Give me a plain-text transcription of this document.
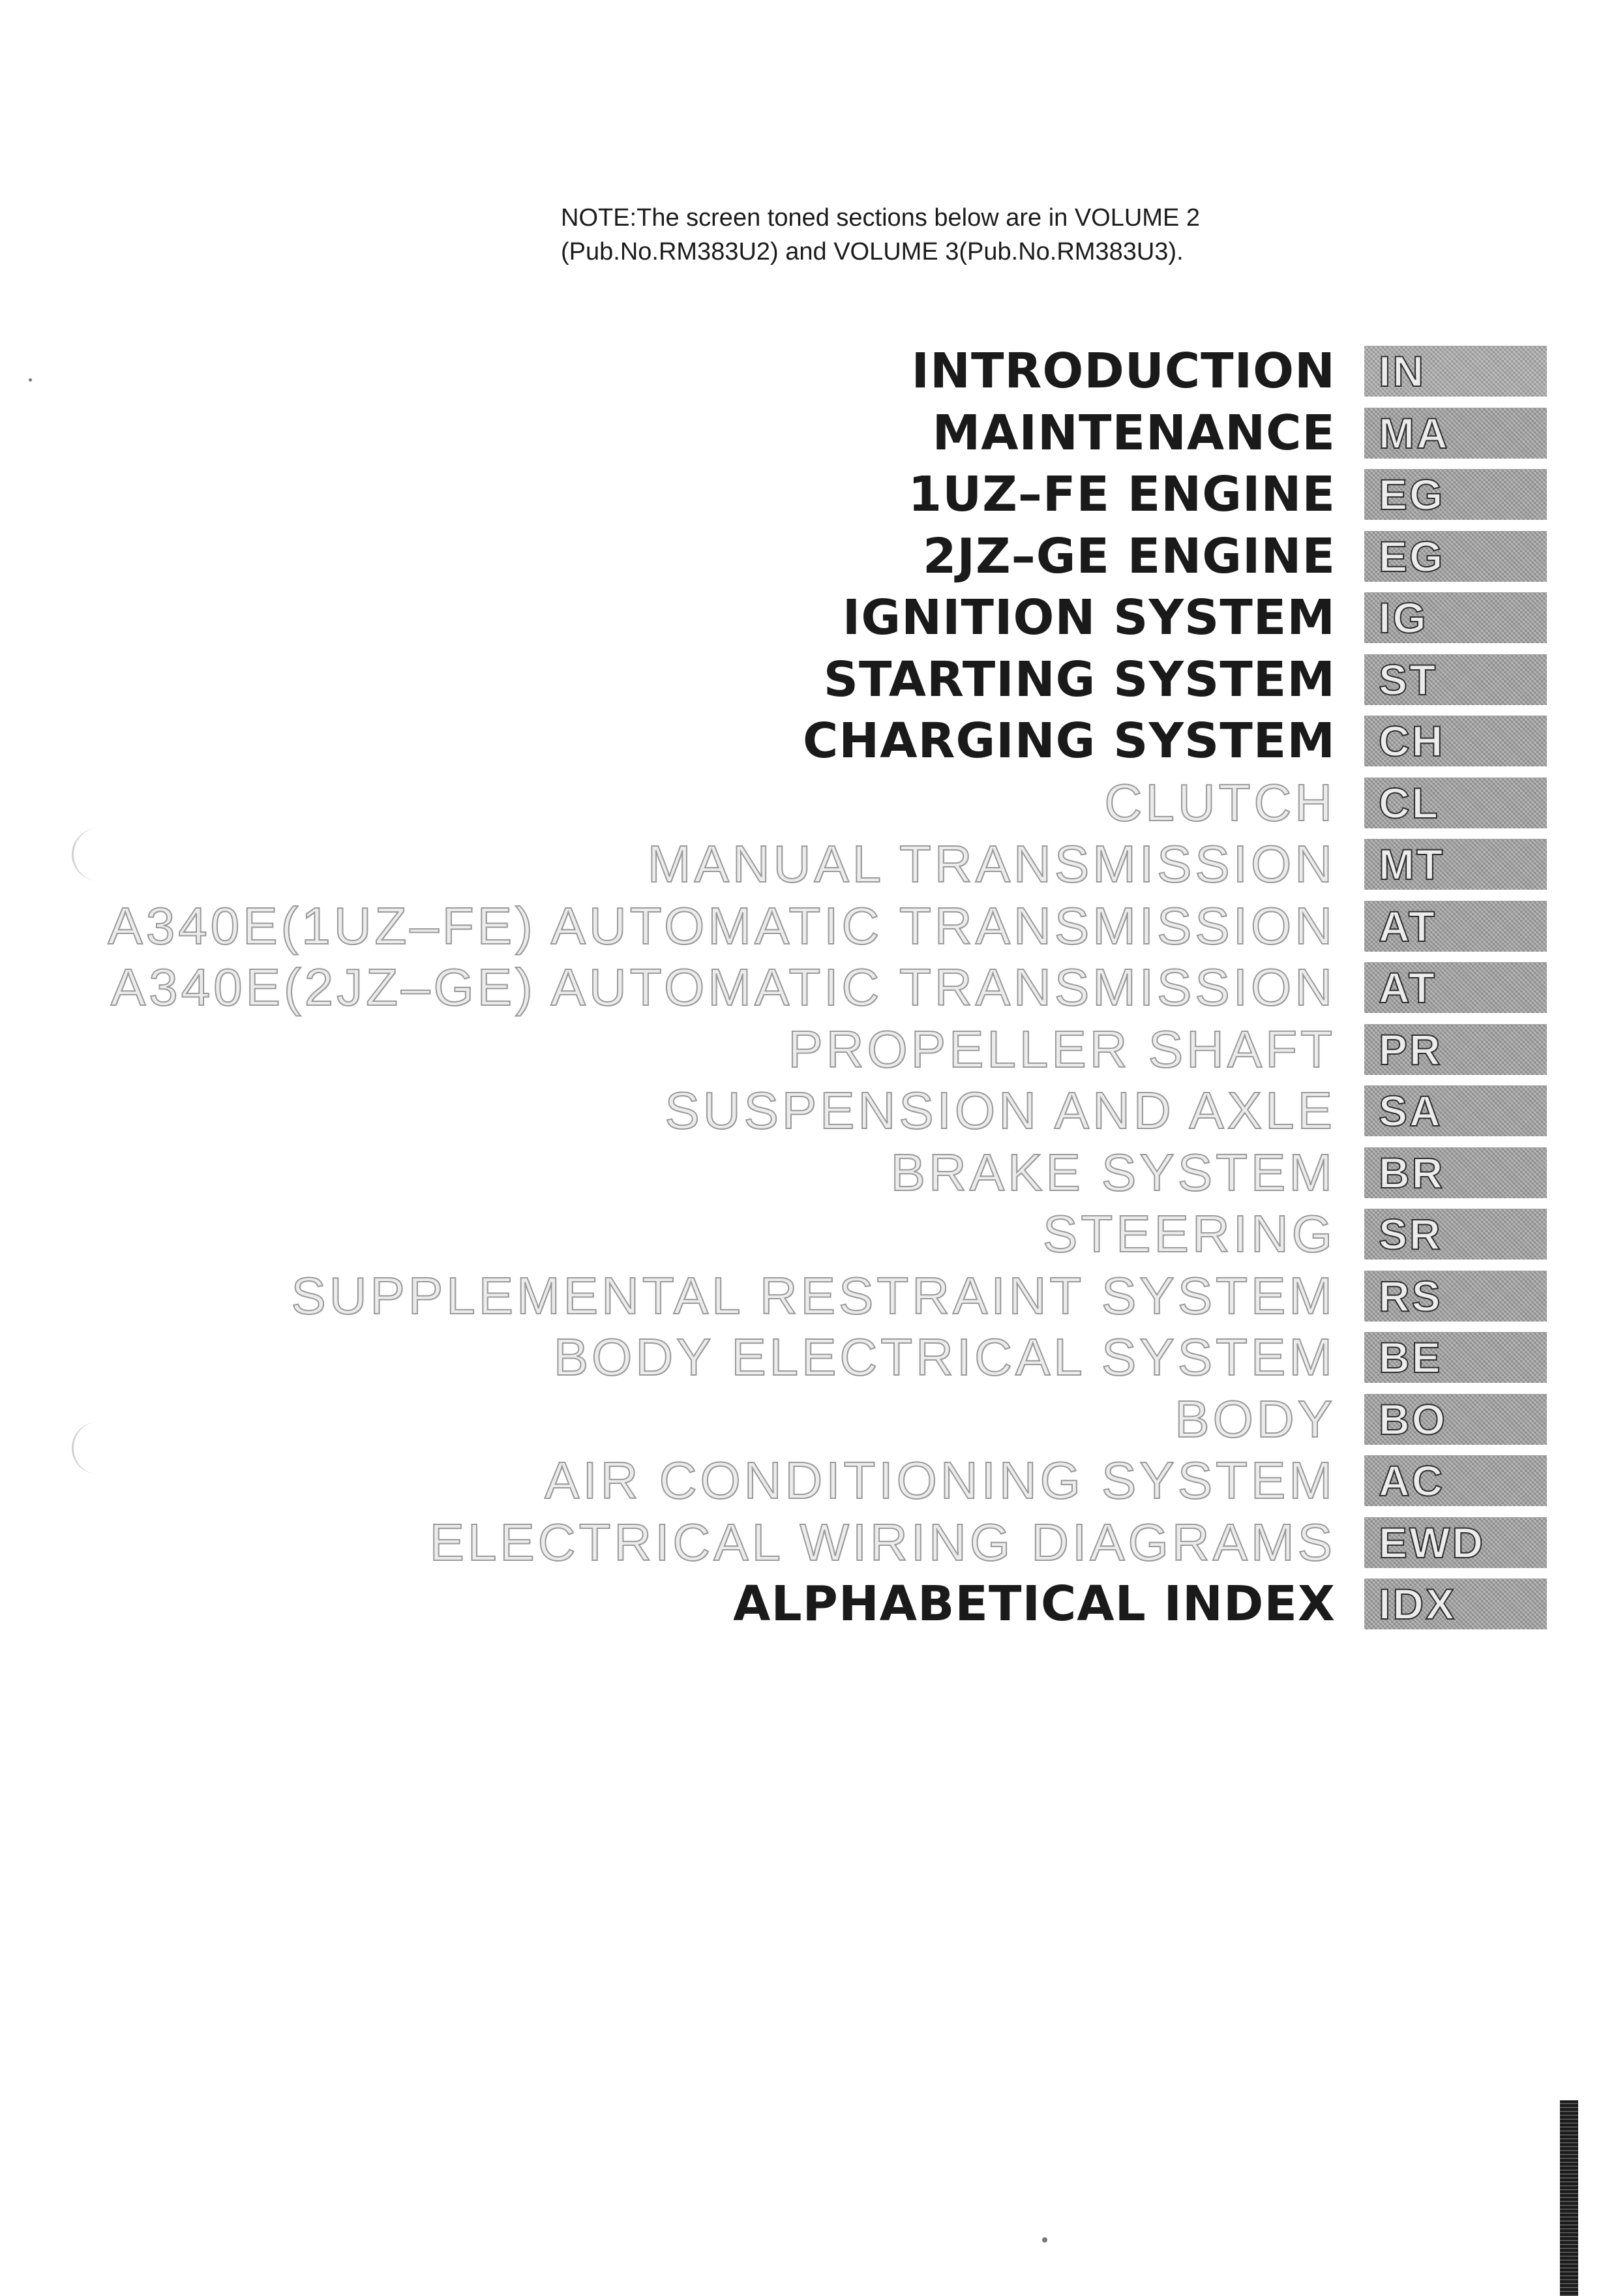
NOTE:The screen toned sections below are in VOLUME 2
(Pub.No.RM383U2) and VOLUME 3(Pub.No.RM383U3).
INTRODUCTION	IN
MAINTENANCE	MA
1UZ–FE ENGINE	EG
2JZ–GE ENGINE	EG
IGNITION SYSTEM	IG
STARTING SYSTEM	ST
CHARGING SYSTEM	CH
CLUTCH	CL
MANUAL TRANSMISSION	MT
A340E(1UZ–FE) AUTOMATIC TRANSMISSION	AT
A340E(2JZ–GE) AUTOMATIC TRANSMISSION	AT
PROPELLER SHAFT	PR
SUSPENSION AND AXLE	SA
BRAKE SYSTEM	BR
STEERING	SR
SUPPLEMENTAL RESTRAINT SYSTEM	RS
BODY ELECTRICAL SYSTEM	BE
BODY	BO
AIR CONDITIONING SYSTEM	AC
ELECTRICAL WIRING DIAGRAMS	EWD
ALPHABETICAL INDEX	IDX
